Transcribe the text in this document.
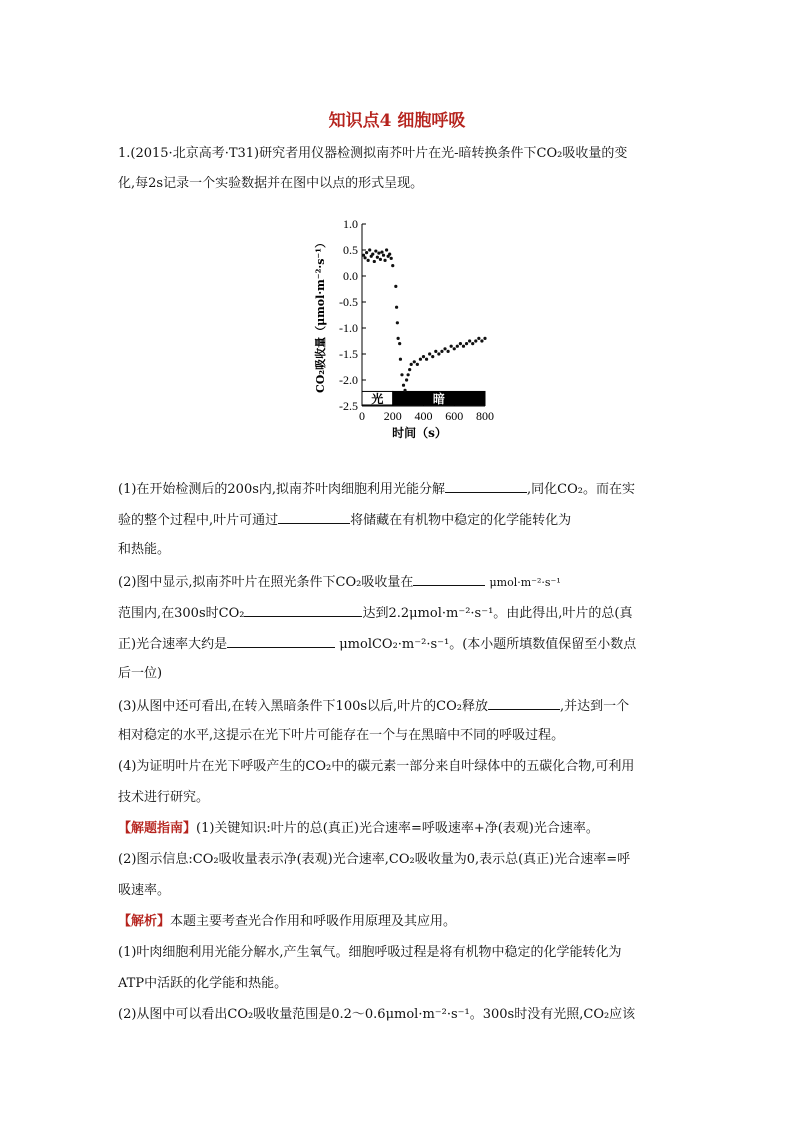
知识点4 细胞呼吸
1.(2015·北京高考·T31)研究者用仪器检测拟南芥叶片在光-暗转换条件下CO₂吸收量的变
化,每2s记录一个实验数据并在图中以点的形式呈现。
1.0
0.5
0.0
-0.5
-1.0
-1.5
-2.0
-2.5
0 200 400 600 800
光	暗
时间（s）
CO₂吸收量（μmol·m⁻²·s⁻¹）
(1)在开始检测后的200s内,拟南芥叶肉细胞利用光能分解	,同化CO₂。而在实
验的整个过程中,叶片可通过	将储藏在有机物中稳定的化学能转化为
和热能。
(2)图中显示,拟南芥叶片在照光条件下CO₂吸收量在	μmol·m⁻²·s⁻¹
范围内,在300s时CO₂	达到2.2μmol·m⁻²·s⁻¹。由此得出,叶片的总(真
正)光合速率大约是	μmolCO₂·m⁻²·s⁻¹。(本小题所填数值保留至小数点
后一位)
(3)从图中还可看出,在转入黑暗条件下100s以后,叶片的CO₂释放	,并达到一个
相对稳定的水平,这提示在光下叶片可能存在一个与在黑暗中不同的呼吸过程。
(4)为证明叶片在光下呼吸产生的CO₂中的碳元素一部分来自叶绿体中的五碳化合物,可利用
技术进行研究。
【解题指南】(1)关键知识:叶片的总(真正)光合速率=呼吸速率+净(表观)光合速率。
(2)图示信息:CO₂吸收量表示净(表观)光合速率,CO₂吸收量为0,表示总(真正)光合速率=呼
吸速率。
【解析】本题主要考查光合作用和呼吸作用原理及其应用。
(1)叶肉细胞利用光能分解水,产生氧气。细胞呼吸过程是将有机物中稳定的化学能转化为
ATP中活跃的化学能和热能。
(2)从图中可以看出CO₂吸收量范围是0.2～0.6μmol·m⁻²·s⁻¹。300s时没有光照,CO₂应该
